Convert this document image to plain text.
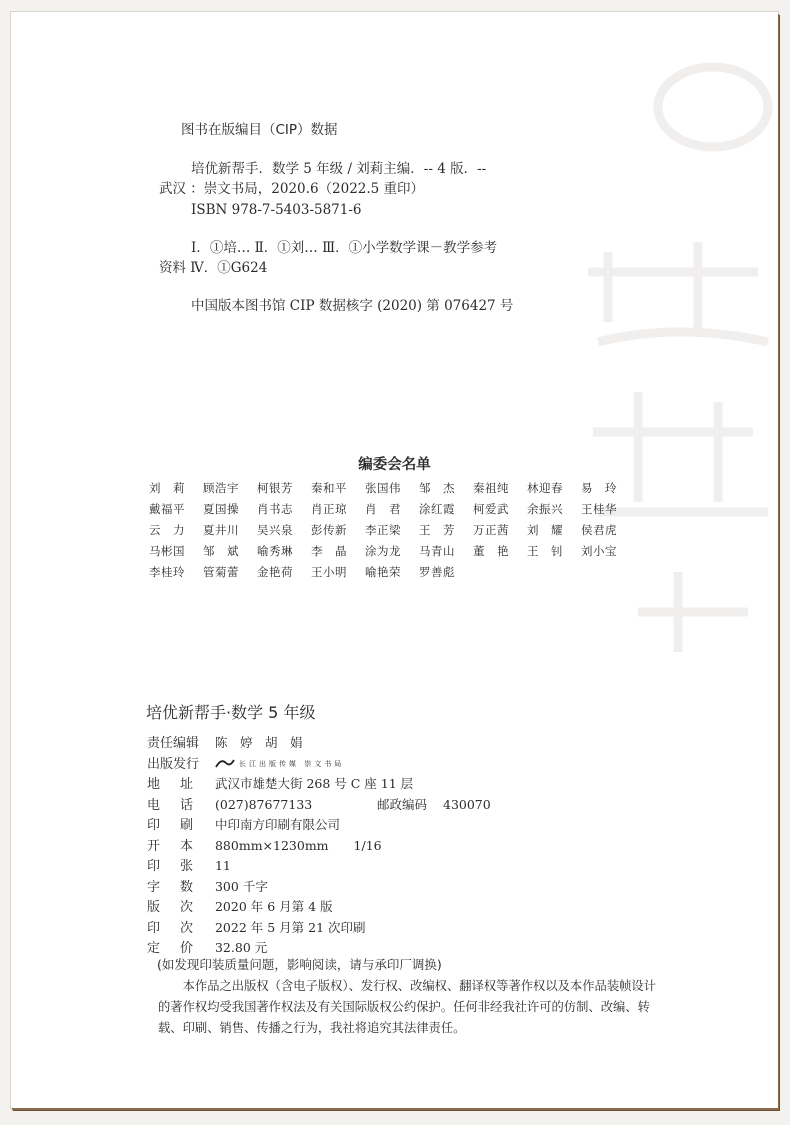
图书在版编目（CIP）数据
培优新帮手．数学 5 年级 / 刘莉主编．-- 4 版．--
武汉 ：崇文书局，2020.6（2022.5 重印）
ISBN 978-7-5403-5871-6
Ⅰ．①培… Ⅱ．①刘… Ⅲ．①小学数学课－教学参考
资料 Ⅳ．①G624
中国版本图书馆 CIP 数据核字 (2020) 第 076427 号
编委会名单
刘　莉	顾浩宇	柯银芳	秦和平	张国伟	邹　杰	秦祖纯	林迎春	易　玲
戴福平	夏国操	肖书志	肖正琼	肖　君	涂红霞	柯爱武	余振兴	王桂华
云　力	夏井川	吴兴泉	彭传新	李正梁	王　芳	万正茜	刘　耀	侯君虎
马彬国	邹　斌	喻秀琳	李　晶	涂为龙	马青山	董　艳	王　钊	刘小宝
李桂玲	管菊蕾	金艳荷	王小明	喻艳荣	罗善彪
培优新帮手·数学 5 年级
责任编辑 陈　婷　胡　娟
出版发行	长江出版传媒 崇文书局
地址 武汉市雄楚大街 268 号 C 座 11 层
电话 (027)87677133	邮政编码 430070
印刷 中印南方印刷有限公司
开本 880mm×1230mm　　1/16
印张 11
字数 300 千字
版次 2020 年 6 月第 4 版
印次 2022 年 5 月第 21 次印刷
定价 32.80 元
(如发现印装质量问题，影响阅读，请与承印厂调换)

本作品之出版权（含电子版权）、发行权、改编权、翻译权等著作权以及本作品装帧设计的著作权均受我国著作权法及有关国际版权公约保护。任何非经我社许可的仿制、改编、转载、印刷、销售、传播之行为，我社将追究其法律责任。
